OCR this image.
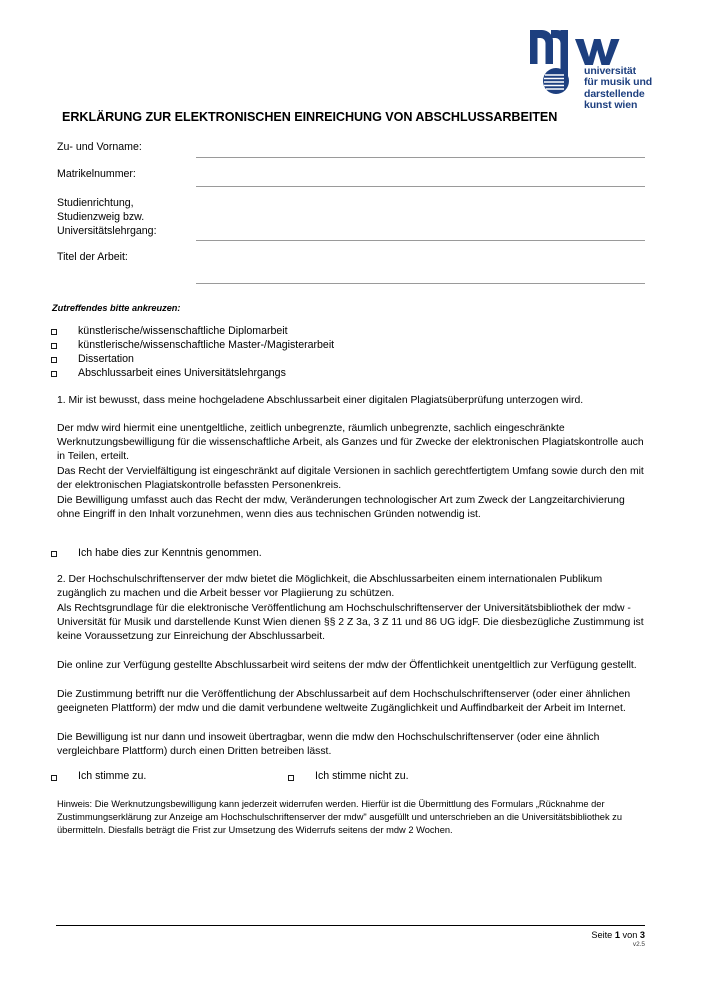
universität
für musik und
darstellende
kunst wien
ERKLÄRUNG ZUR ELEKTRONISCHEN EINREICHUNG VON ABSCHLUSSARBEITEN
Zu- und Vorname:
Matrikelnummer:
Studienrichtung,
Studienzweig bzw.
Universitätslehrgang:
Titel der Arbeit:
Zutreffendes bitte ankreuzen:
künstlerische/wissenschaftliche Diplomarbeit
künstlerische/wissenschaftliche Master-/Magisterarbeit
Dissertation
Abschlussarbeit eines Universitätslehrgangs

1. Mir ist bewusst, dass meine hochgeladene Abschlussarbeit einer digitalen Plagiatsüberprüfung unterzogen wird.

Der mdw wird hiermit eine unentgeltliche, zeitlich unbegrenzte, räumlich unbegrenzte, sachlich eingeschränkte Werknutzungsbewilligung für die wissenschaftliche Arbeit, als Ganzes und für Zwecke der elektronischen Plagiatskontrolle auch in Teilen, erteilt.

Das Recht der Vervielfältigung ist eingeschränkt auf digitale Versionen in sachlich gerechtfertigtem Umfang sowie durch den mit der elektronischen Plagiatskontrolle befassten Personenkreis.

Die Bewilligung umfasst auch das Recht der mdw, Veränderungen technologischer Art zum Zweck der Langzeitarchivierung ohne Eingriff in den Inhalt vorzunehmen, wenn dies aus technischen Gründen notwendig ist.

Ich habe dies zur Kenntnis genommen.

2. Der Hochschulschriftenserver der mdw bietet die Möglichkeit, die Abschlussarbeiten einem internationalen Publikum zugänglich zu machen und die Arbeit besser vor Plagiierung zu schützen.

Als Rechtsgrundlage für die elektronische Veröffentlichung am Hochschulschriftenserver der Universitätsbibliothek der mdw - Universität für Musik und darstellende Kunst Wien dienen §§ 2 Z 3a, 3 Z 11 und 86 UG idgF. Die diesbezügliche Zustimmung ist keine Voraussetzung zur Einreichung der Abschlussarbeit.

Die online zur Verfügung gestellte Abschlussarbeit wird seitens der mdw der Öffentlichkeit unentgeltlich zur Verfügung gestellt.

Die Zustimmung betrifft nur die Veröffentlichung der Abschlussarbeit auf dem Hochschulschriftenserver (oder einer ähnlichen geeigneten Plattform) der mdw und die damit verbundene weltweite Zugänglichkeit und Auffindbarkeit der Arbeit im Internet.

Die Bewilligung ist nur dann und insoweit übertragbar, wenn die mdw den Hochschulschriftenserver (oder eine ähnlich vergleichbare Plattform) durch einen Dritten betreiben lässt.

Ich stimme zu.	Ich stimme nicht zu.
Hinweis: Die Werknutzungsbewilligung kann jederzeit widerrufen werden. Hierfür ist die Übermittlung des Formulars „Rücknahme der Zustimmungserklärung zur Anzeige am Hochschulschriftenserver der mdw" ausgefüllt und unterschrieben an die Universitätsbibliothek zu übermitteln. Diesfalls beträgt die Frist zur Umsetzung des Widerrufs seitens der mdw 2 Wochen.
Seite 1 von 3
v2.5
